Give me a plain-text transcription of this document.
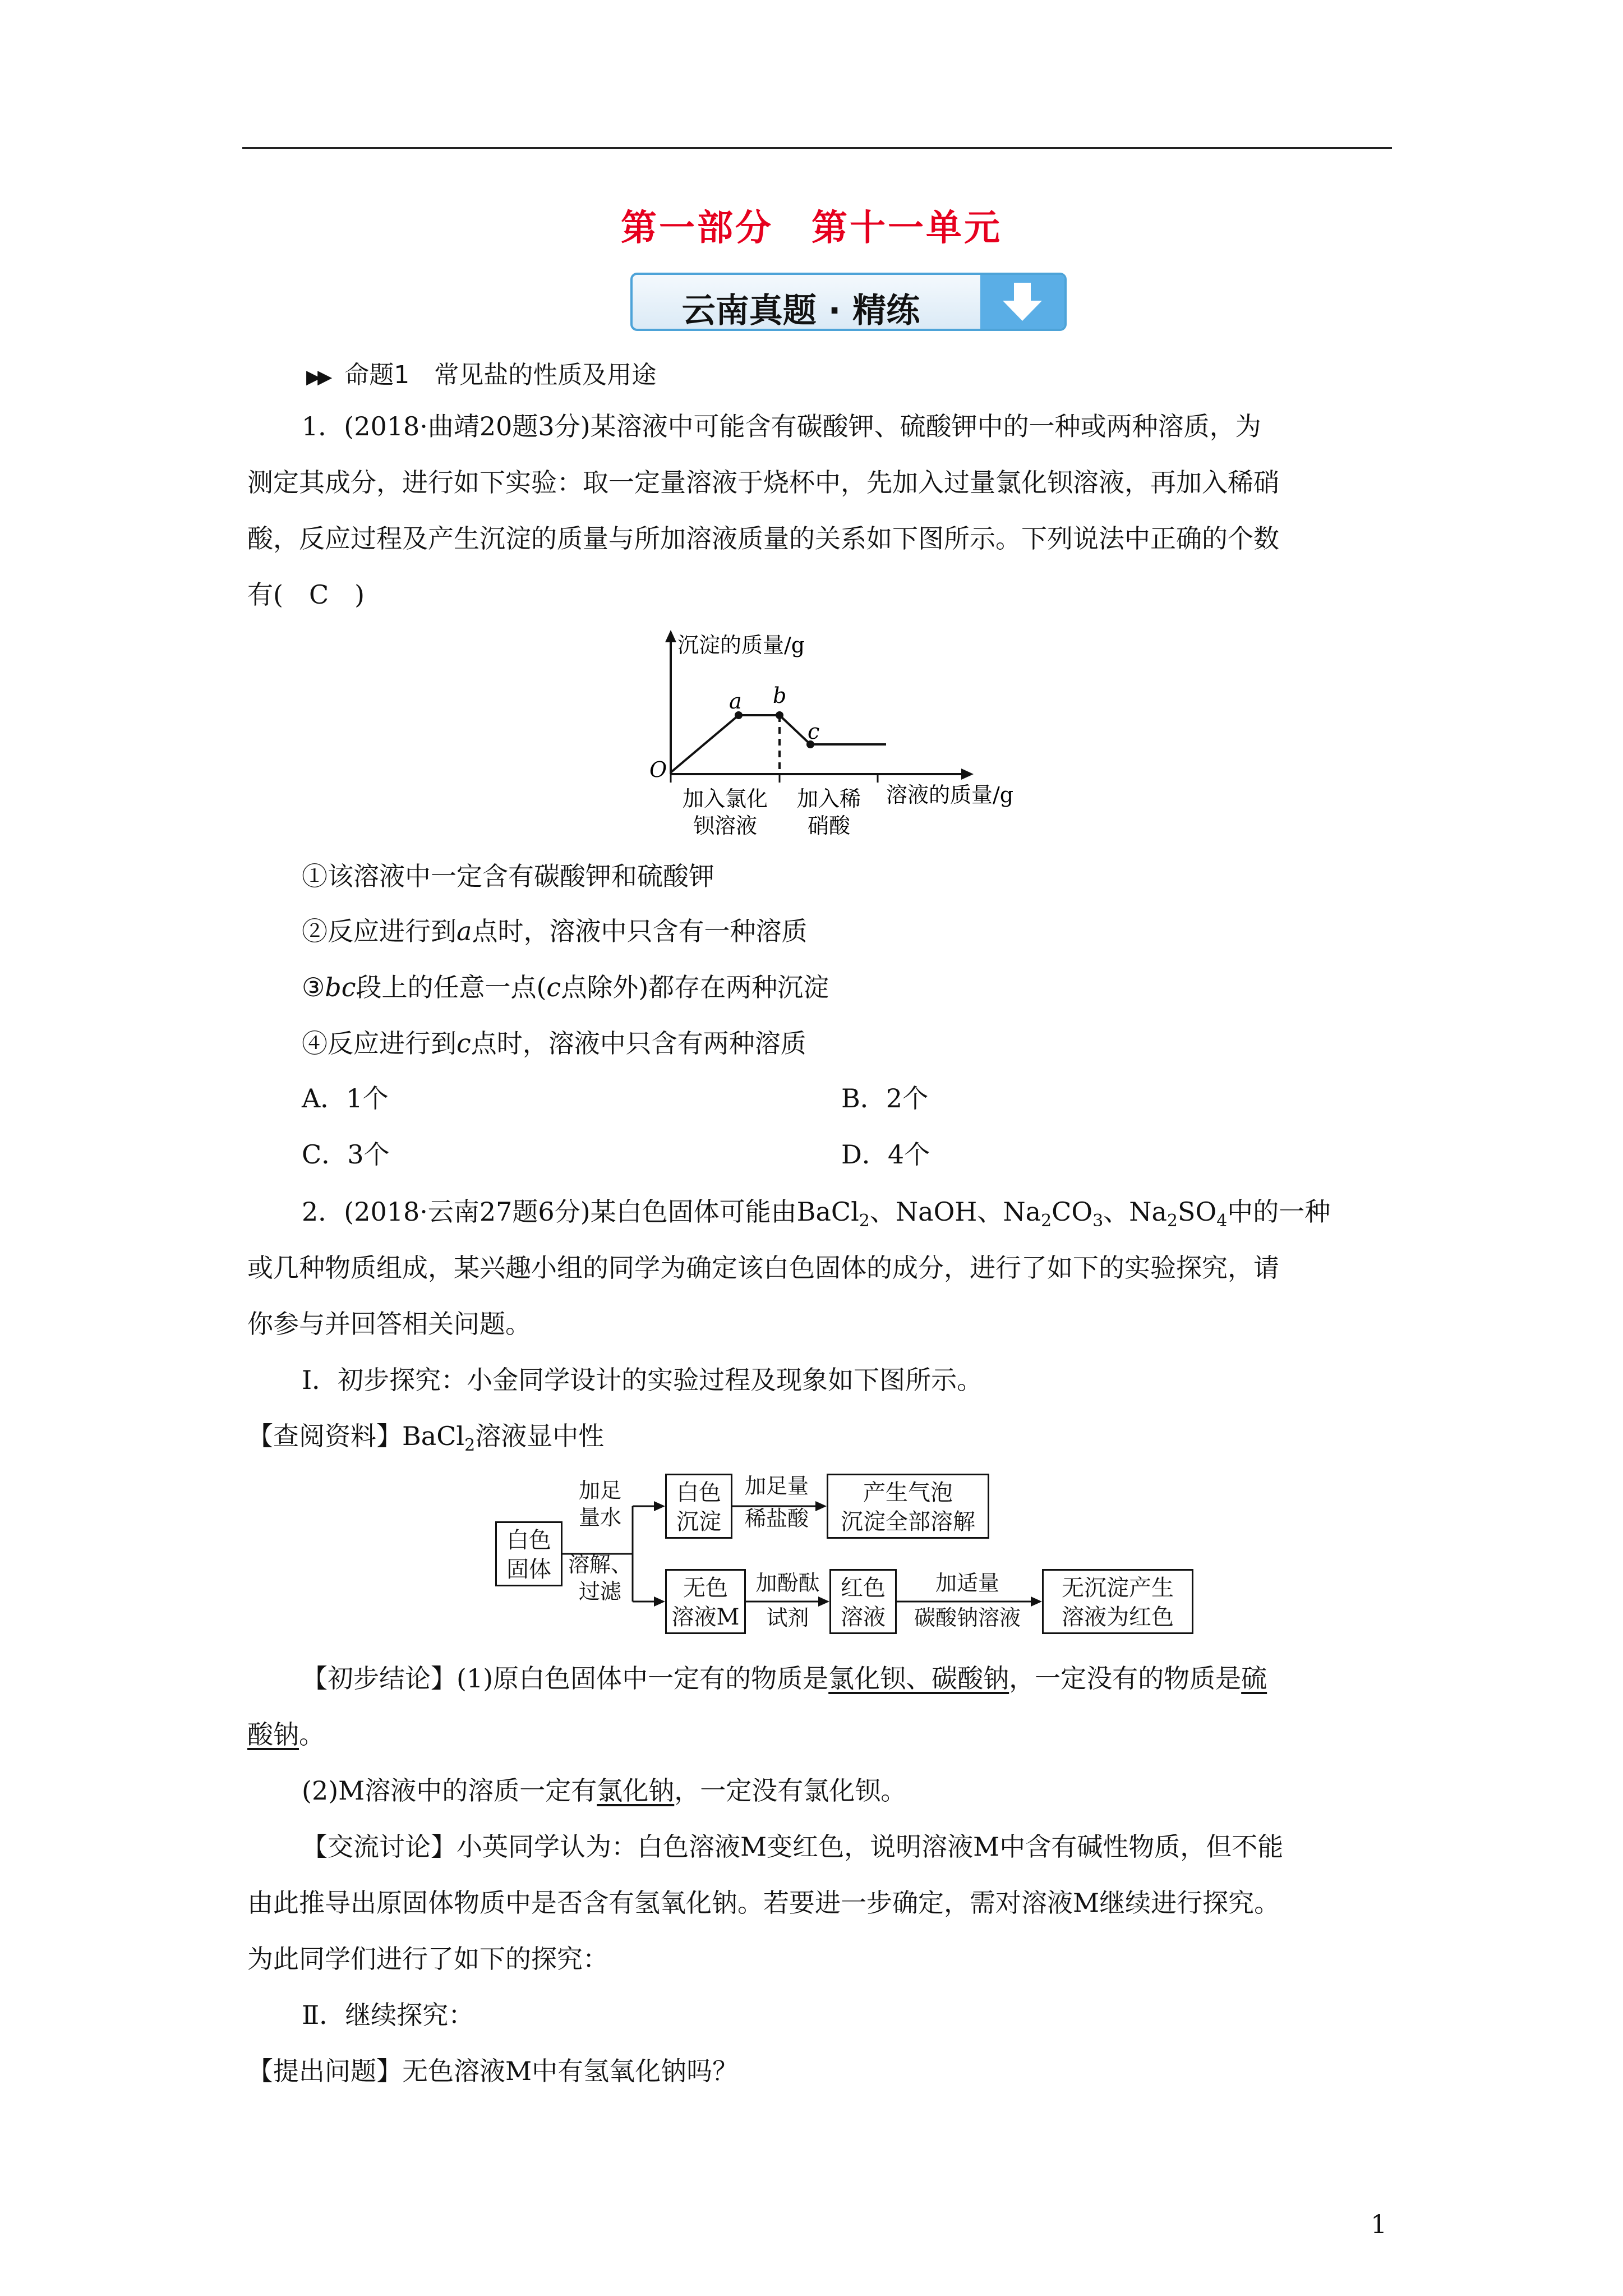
第一部分　第十一单元
云南真题 · 精练
▶▶ 命题1　常见盐的性质及用途
1．(2018·曲靖20题3分)某溶液中可能含有碳酸钾、硫酸钾中的一种或两种溶质，为
测定其成分，进行如下实验：取一定量溶液于烧杯中，先加入过量氯化钡溶液，再加入稀硝
酸，反应过程及产生沉淀的质量与所加溶液质量的关系如下图所示。下列说法中正确的个数
有(　C　)
沉淀的质量/g
溶液的质量/g
O
a b
c
加入氯化
钡溶液
加入稀
硝酸
①该溶液中一定含有碳酸钾和硫酸钾
②反应进行到a点时，溶液中只含有一种溶质
③bc段上的任意一点(c点除外)都存在两种沉淀
④反应进行到c点时，溶液中只含有两种溶质
A．1个	B．2个
C．3个	D．4个
2．(2018·云南27题6分)某白色固体可能由BaCl$_2$、NaOH、$Na_2CO_3$、$Na_2SO_4$中的一种
或几种物质组成，某兴趣小组的同学为确定该白色固体的成分，进行了如下的实验探究，请
你参与并回答相关问题。
Ⅰ．初步探究：小金同学设计的实验过程及现象如下图所示。
【查阅资料】BaCl$_2$溶液显中性
白色
固体
加足
量水
溶解、
过滤
白色
沉淀
加足量
稀盐酸
产生气泡
沉淀全部溶解
无色
溶液M
加酚酞
试剂
红色
溶液
加适量
碳酸钠溶液
无沉淀产生
溶液为红色
【初步结论】(1)原白色固体中一定有的物质是氯化钡、碳酸钠，一定没有的物质是硫
酸钠。
(2)M溶液中的溶质一定有氯化钠，一定没有氯化钡。
【交流讨论】小英同学认为：白色溶液M变红色，说明溶液M中含有碱性物质，但不能
由此推导出原固体物质中是否含有氢氧化钠。若要进一步确定，需对溶液M继续进行探究。
为此同学们进行了如下的探究：
Ⅱ．继续探究：
【提出问题】无色溶液M中有氢氧化钠吗？
1
